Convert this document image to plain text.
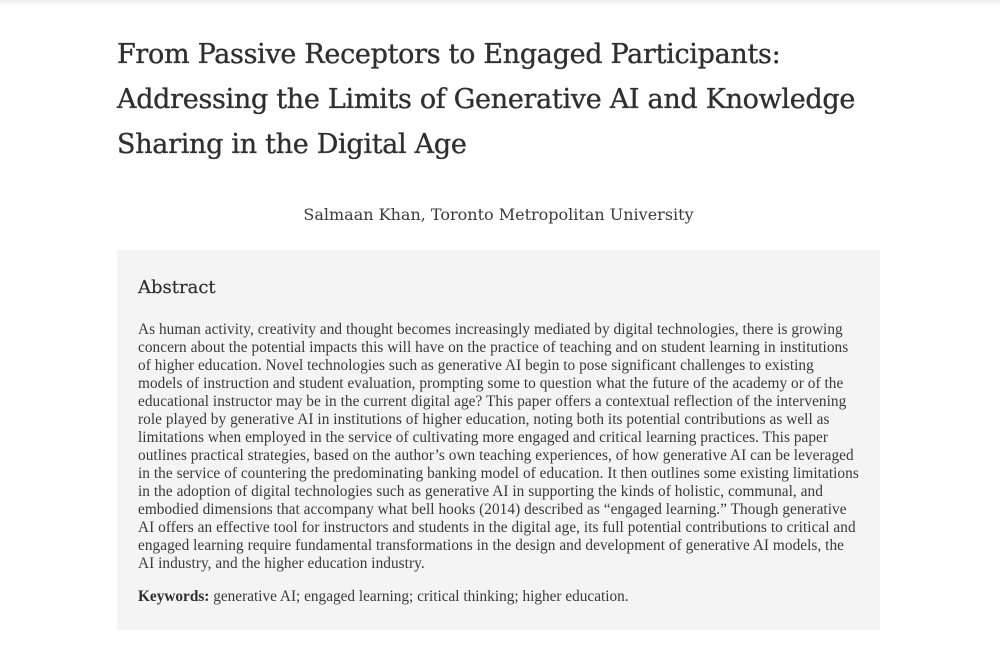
From Passive Receptors to Engaged Participants: Addressing the Limits of Generative AI and Knowledge Sharing in the Digital Age

Salmaan Khan, Toronto Metropolitan University

Abstract

As human activity, creativity and thought becomes increasingly mediated by digital technologies, there is growing concern about the potential impacts this will have on the practice of teaching and on student learning in institutions of higher education. Novel technologies such as generative AI begin to pose significant challenges to existing models of instruction and student evaluation, prompting some to question what the future of the academy or of the educational instructor may be in the current digital age? This paper offers a contextual reflection of the intervening role played by generative AI in institutions of higher education, noting both its potential contributions as well as limitations when employed in the service of cultivating more engaged and critical learning practices. This paper outlines practical strategies, based on the author’s own teaching experiences, of how generative AI can be leveraged in the service of countering the predominating banking model of education. It then outlines some existing limitations in the adoption of digital technologies such as generative AI in supporting the kinds of holistic, communal, and embodied dimensions that accompany what bell hooks (2014) described as “engaged learning.” Though generative AI offers an effective tool for instructors and students in the digital age, its full potential contributions to critical and engaged learning require fundamental transformations in the design and development of generative AI models, the AI industry, and the higher education industry.

Keywords: generative AI; engaged learning; critical thinking; higher education.
